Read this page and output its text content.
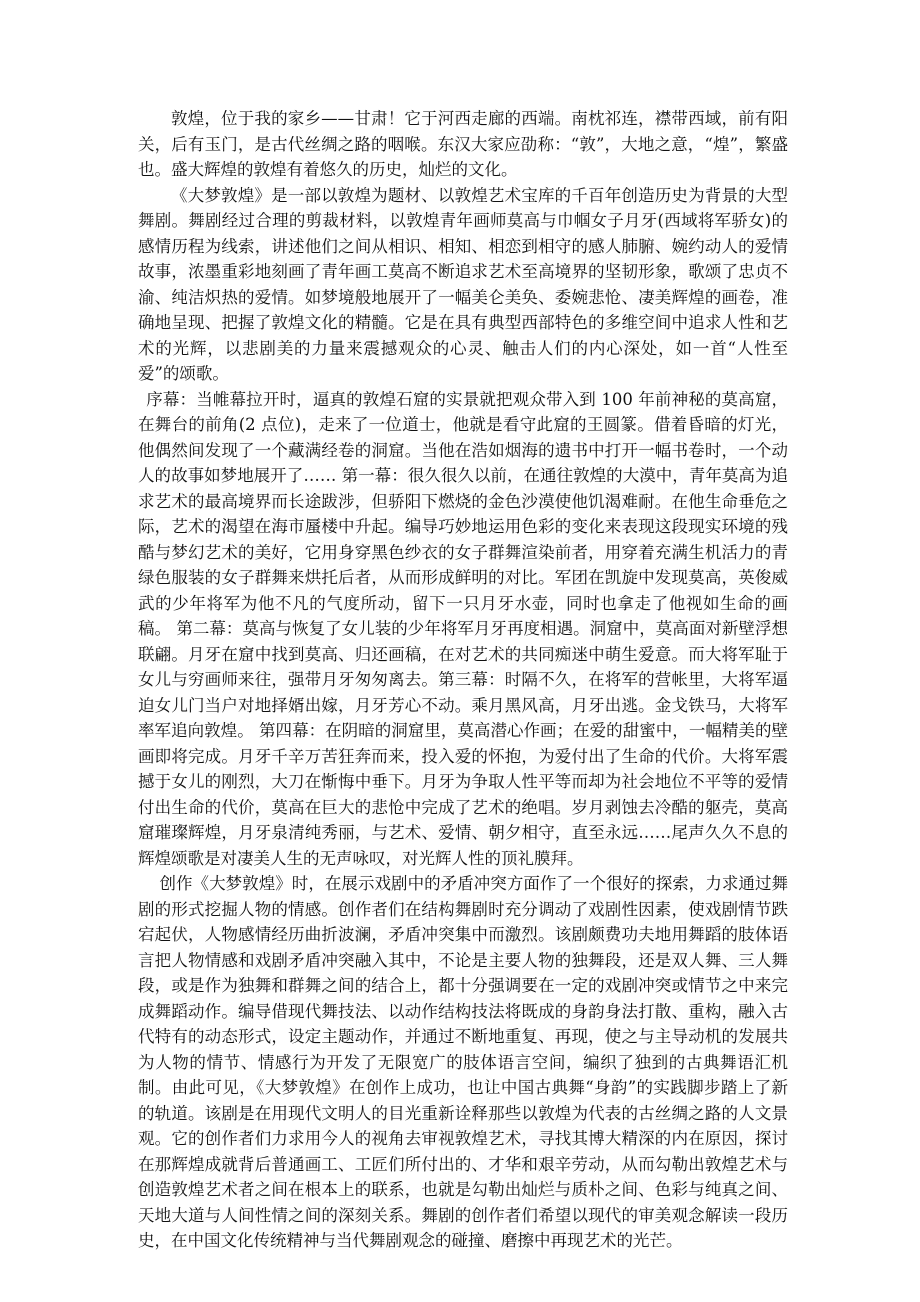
敦煌，位于我的家乡——甘肃！它于河西走廊的西端。南枕祁连，襟带西域，前有阳关，后有玉门，是古代丝绸之路的咽喉。东汉大家应劭称：“敦”，大地之意，“煌”，繁盛也。盛大辉煌的敦煌有着悠久的历史，灿烂的文化。

《大梦敦煌》是一部以敦煌为题材、以敦煌艺术宝库的千百年创造历史为背景的大型舞剧。舞剧经过合理的剪裁材料，以敦煌青年画师莫高与巾帼女子月牙(西域将军骄女)的感情历程为线索，讲述他们之间从相识、相知、相恋到相守的感人肺腑、婉约动人的爱情故事，浓墨重彩地刻画了青年画工莫高不断追求艺术至高境界的坚韧形象，歌颂了忠贞不渝、纯洁炽热的爱情。如梦境般地展开了一幅美仑美奂、委婉悲怆、凄美辉煌的画卷，准确地呈现、把握了敦煌文化的精髓。它是在具有典型西部特色的多维空间中追求人性和艺术的光辉，以悲剧美的力量来震撼观众的心灵、触击人们的内心深处，如一首“人性至爱”的颂歌。

序幕：当帷幕拉开时，逼真的敦煌石窟的实景就把观众带入到 100 年前神秘的莫高窟，在舞台的前角(2 点位)，走来了一位道士，他就是看守此窟的王圆篆。借着昏暗的灯光，他偶然间发现了一个藏满经卷的洞窟。当他在浩如烟海的遗书中打开一幅书卷时，一个动人的故事如梦地展开了…… 第一幕：很久很久以前，在通往敦煌的大漠中，青年莫高为追求艺术的最高境界而长途跋涉，但骄阳下燃烧的金色沙漠使他饥渴难耐。在他生命垂危之际，艺术的渴望在海市蜃楼中升起。编导巧妙地运用色彩的变化来表现这段现实环境的残酷与梦幻艺术的美好，它用身穿黑色纱衣的女子群舞渲染前者，用穿着充满生机活力的青绿色服装的女子群舞来烘托后者，从而形成鲜明的对比。军团在凯旋中发现莫高，英俊威武的少年将军为他不凡的气度所动，留下一只月牙水壶，同时也拿走了他视如生命的画稿。 第二幕：莫高与恢复了女儿装的少年将军月牙再度相遇。洞窟中，莫高面对新壁浮想联翩。月牙在窟中找到莫高、归还画稿，在对艺术的共同痴迷中萌生爱意。而大将军耻于女儿与穷画师来往，强带月牙匆匆离去。第三幕：时隔不久，在将军的营帐里，大将军逼迫女儿门当户对地择婿出嫁，月牙芳心不动。乘月黑风高，月牙出逃。金戈铁马，大将军率军追向敦煌。 第四幕：在阴暗的洞窟里，莫高潜心作画；在爱的甜蜜中，一幅精美的壁画即将完成。月牙千辛万苦狂奔而来，投入爱的怀抱，为爱付出了生命的代价。大将军震撼于女儿的刚烈，大刀在惭悔中垂下。月牙为争取人性平等而却为社会地位不平等的爱情付出生命的代价，莫高在巨大的悲怆中完成了艺术的绝唱。岁月剥蚀去冷酷的躯壳，莫高窟璀璨辉煌，月牙泉清纯秀丽，与艺术、爱情、朝夕相守，直至永远……尾声久久不息的辉煌颂歌是对凄美人生的无声咏叹，对光辉人性的顶礼膜拜。

创作《大梦敦煌》时，在展示戏剧中的矛盾冲突方面作了一个很好的探索，力求通过舞剧的形式挖掘人物的情感。创作者们在结构舞剧时充分调动了戏剧性因素，使戏剧情节跌宕起伏，人物感情经历曲折波澜，矛盾冲突集中而激烈。该剧颇费功夫地用舞蹈的肢体语言把人物情感和戏剧矛盾冲突融入其中，不论是主要人物的独舞段，还是双人舞、三人舞段，或是作为独舞和群舞之间的结合上，都十分强调要在一定的戏剧冲突或情节之中来完成舞蹈动作。编导借现代舞技法、以动作结构技法将既成的身韵身法打散、重构，融入古代特有的动态形式，设定主题动作，并通过不断地重复、再现，使之与主导动机的发展共为人物的情节、情感行为开发了无限宽广的肢体语言空间，编织了独到的古典舞语汇机制。由此可见，《大梦敦煌》在创作上成功，也让中国古典舞“身韵”的实践脚步踏上了新的轨道。该剧是在用现代文明人的目光重新诠释那些以敦煌为代表的古丝绸之路的人文景观。它的创作者们力求用今人的视角去审视敦煌艺术，寻找其博大精深的内在原因，探讨在那辉煌成就背后普通画工、工匠们所付出的、才华和艰辛劳动，从而勾勒出敦煌艺术与创造敦煌艺术者之间在根本上的联系，也就是勾勒出灿烂与质朴之间、色彩与纯真之间、天地大道与人间性情之间的深刻关系。舞剧的创作者们希望以现代的审美观念解读一段历史，在中国文化传统精神与当代舞剧观念的碰撞、磨擦中再现艺术的光芒。
